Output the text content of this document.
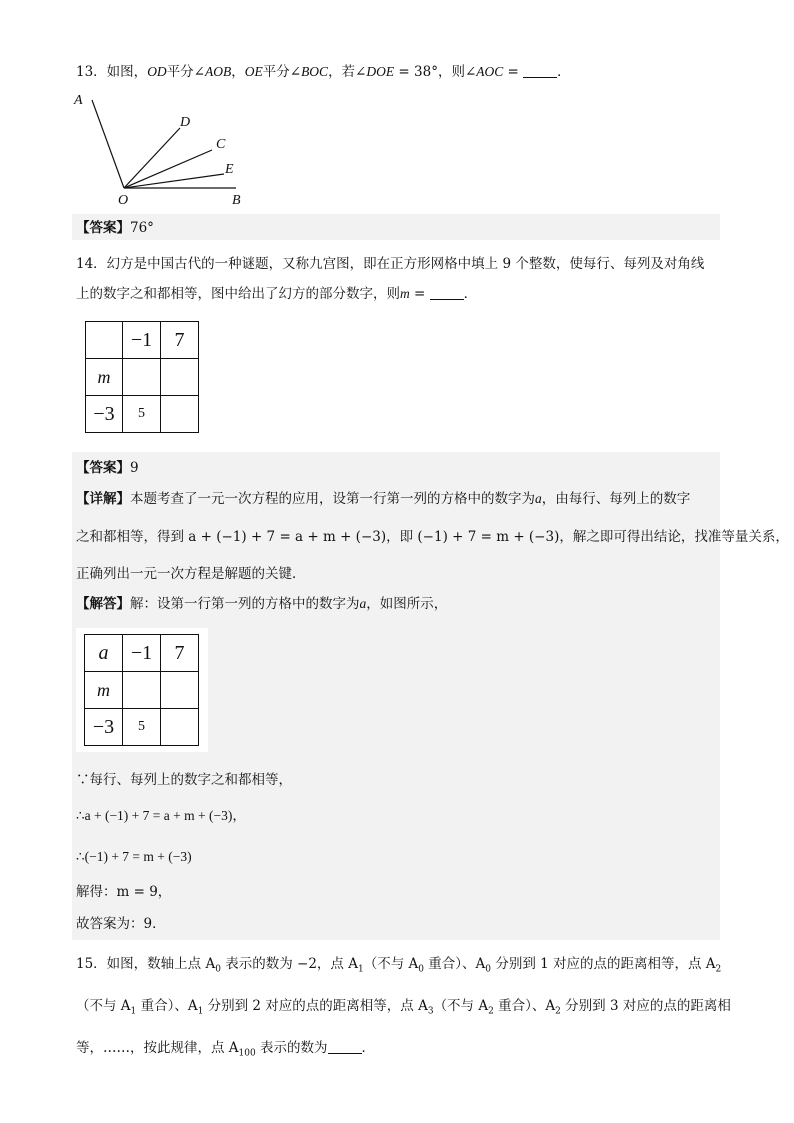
13．如图，OD平分∠AOB，OE平分∠BOC，若∠DOE = 38°，则∠AOC =	．
A
D
C
E
O	B
【答案】76°
14．幻方是中国古代的一种谜题，又称九宫图，即在正方形网格中填上 9 个整数，使每行、每列及对角线
上的数字之和都相等，图中给出了幻方的部分数字，则m =	．
	−1	7
m		
−3	5	
【答案】9
【详解】本题考查了一元一次方程的应用，设第一行第一列的方格中的数字为a，由每行、每列上的数字
之和都相等，得到 a + (−1) + 7 = a + m + (−3)，即 (−1) + 7 = m + (−3)，解之即可得出结论，找准等量关系，
正确列出一元一次方程是解题的关键．
【解答】解：设第一行第一列的方格中的数字为a，如图所示，
a	−1	7
m		
−3	5	
∵每行、每列上的数字之和都相等，
∴a + (−1) + 7 = a + m + (−3)，
∴(−1) + 7 = m + (−3)
解得：m = 9，
故答案为：9．
15．如图，数轴上点 $A_0$ 表示的数为 −2，点 $A_1$（不与 $A_0$ 重合）、$A_0$ 分别到 1 对应的点的距离相等，点 $A_2$
（不与 $A_1$ 重合）、$A_1$ 分别到 2 对应的点的距离相等，点 $A_3$（不与 $A_2$ 重合）、$A_2$ 分别到 3 对应的点的距离相
等，……，按此规律，点 $A_{100}$ 表示的数为	．
